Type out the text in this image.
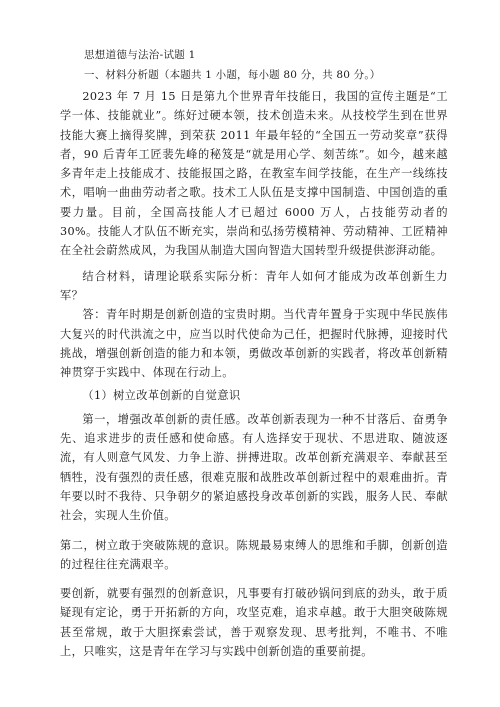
思想道德与法治-试题 1
一、材料分析题（本题共 1 小题，每小题 80 分，共 80 分。）

2023 年 7 月 15 日是第九个世界青年技能日，我国的宣传主题是“工学一体、技能就业”。练好过硬本领，技术创造未来。从技校学生到在世界技能大赛上摘得奖牌，到荣获 2011 年最年轻的“全国五一劳动奖章”获得者，90 后青年工匠裴先峰的秘笈是“就是用心学、刻苦练”。如今，越来越多青年走上技能成才、技能报国之路，在教室车间学技能，在生产一线练技术，唱响一曲曲劳动者之歌。技术工人队伍是支撑中国制造、中国创造的重要力量。目前，全国高技能人才已超过 6000 万人，占技能劳动者的 30%。技能人才队伍不断充实，崇尚和弘扬劳模精神、劳动精神、工匠精神在全社会蔚然成风，为我国从制造大国向智造大国转型升级提供澎湃动能。

结合材料，请理论联系实际分析：青年人如何才能成为改革创新生力军？

答：青年时期是创新创造的宝贵时期。当代青年置身于实现中华民族伟大复兴的时代洪流之中，应当以时代使命为己任，把握时代脉搏，迎接时代挑战，增强创新创造的能力和本领，勇做改革创新的实践者，将改革创新精神贯穿于实践中、体现在行动上。

（1）树立改革创新的自觉意识

第一，增强改革创新的责任感。改革创新表现为一种不甘落后、奋勇争先、追求进步的责任感和使命感。有人选择安于现状、不思进取、随波逐流，有人则意气风发、力争上游、拼搏进取。改革创新充满艰辛、奉献甚至牺牲，没有强烈的责任感，很难克服和战胜改革创新过程中的艰难曲折。青年要以时不我待、只争朝夕的紧迫感投身改革创新的实践，服务人民、奉献社会，实现人生价值。

第二，树立敢于突破陈规的意识。陈规最易束缚人的思维和手脚，创新创造的过程往往充满艰辛。

要创新，就要有强烈的创新意识，凡事要有打破砂锅问到底的劲头，敢于质疑现有定论，勇于开拓新的方向，攻坚克难，追求卓越。敢于大胆突破陈规甚至常规，敢于大胆探索尝试，善于观察发现、思考批判，不唯书、不唯上，只唯实，这是青年在学习与实践中创新创造的重要前提。
